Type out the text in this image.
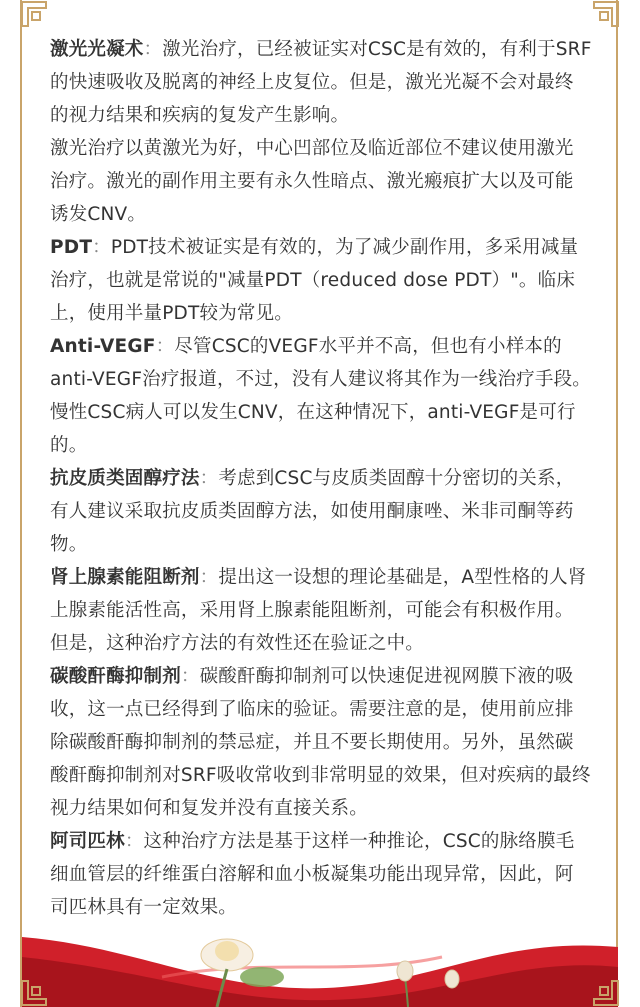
激光光凝术：激光治疗，已经被证实对CSC是有效的，有利于SRF的快速吸收及脱离的神经上皮复位。但是，激光光凝不会对最终的视力结果和疾病的复发产生影响。

激光治疗以黄激光为好，中心凹部位及临近部位不建议使用激光治疗。激光的副作用主要有永久性暗点、激光瘢痕扩大以及可能诱发CNV。

PDT：PDT技术被证实是有效的，为了减少副作用，多采用减量治疗，也就是常说的"减量PDT（reduced dose PDT）"。临床上，使用半量PDT较为常见。

Anti-VEGF：尽管CSC的VEGF水平并不高，但也有小样本的anti-VEGF治疗报道，不过，没有人建议将其作为一线治疗手段。慢性CSC病人可以发生CNV，在这种情况下，anti-VEGF是可行的。

抗皮质类固醇疗法：考虑到CSC与皮质类固醇十分密切的关系，有人建议采取抗皮质类固醇方法，如使用酮康唑、米非司酮等药物。

肾上腺素能阻断剂：提出这一设想的理论基础是，A型性格的人肾上腺素能活性高，采用肾上腺素能阻断剂，可能会有积极作用。但是，这种治疗方法的有效性还在验证之中。

碳酸酐酶抑制剂：碳酸酐酶抑制剂可以快速促进视网膜下液的吸收，这一点已经得到了临床的验证。需要注意的是，使用前应排除碳酸酐酶抑制剂的禁忌症，并且不要长期使用。另外，虽然碳酸酐酶抑制剂对SRF吸收常收到非常明显的效果，但对疾病的最终视力结果如何和复发并没有直接关系。

阿司匹林：这种治疗方法是基于这样一种推论，CSC的脉络膜毛细血管层的纤维蛋白溶解和血小板凝集功能出现异常，因此，阿司匹林具有一定效果。
